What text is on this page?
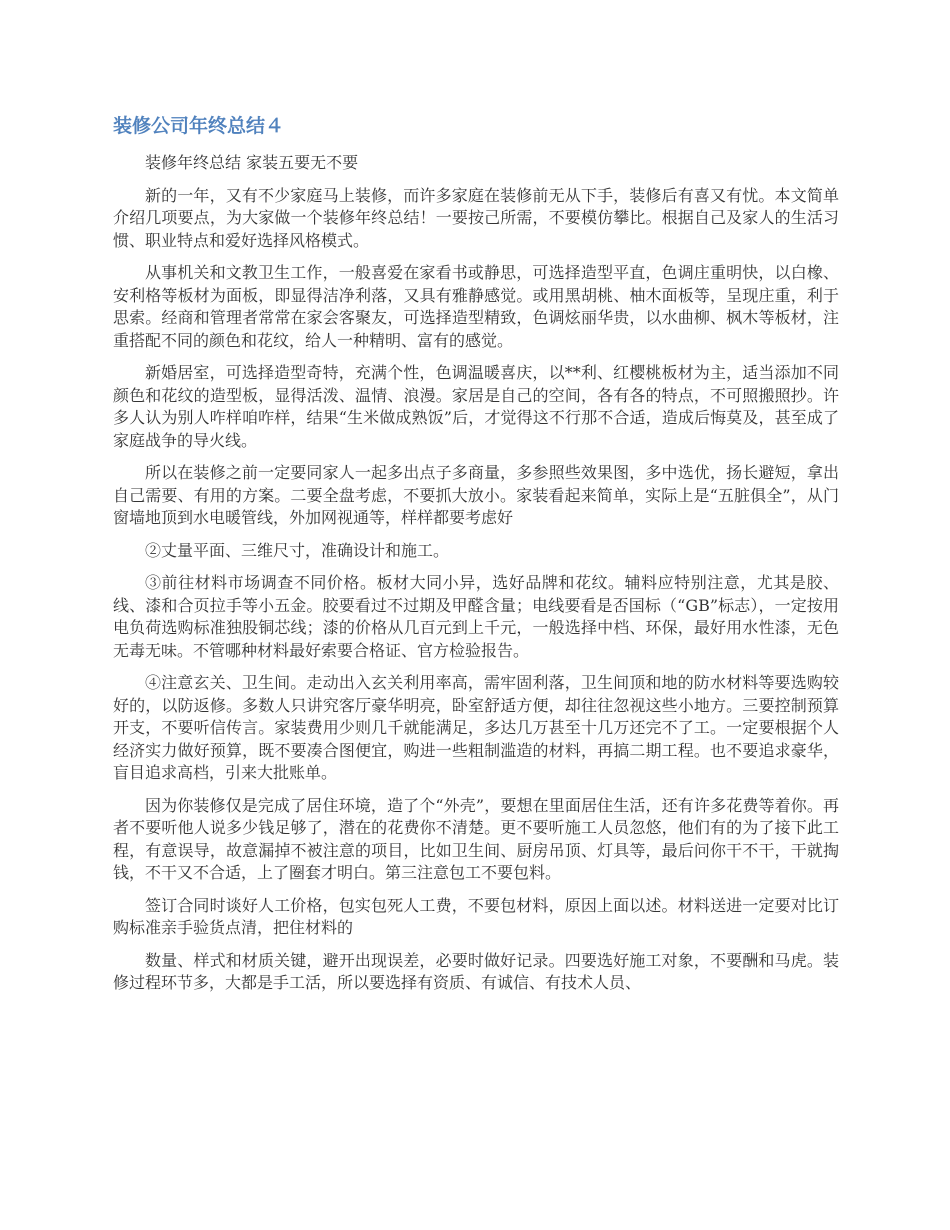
装修公司年终总结４

装修年终总结 家装五要无不要

新的一年，又有不少家庭马上装修，而许多家庭在装修前无从下手，装修后有喜又有忧。本文简单介绍几项要点，为大家做一个装修年终总结！一要按己所需，不要模仿攀比。根据自己及家人的生活习惯、职业特点和爱好选择风格模式。

从事机关和文教卫生工作，一般喜爱在家看书或静思，可选择造型平直，色调庄重明快，以白橡、安利格等板材为面板，即显得洁净利落，又具有雅静感觉。或用黑胡桃、柚木面板等，呈现庄重，利于思索。经商和管理者常常在家会客聚友，可选择造型精致，色调炫丽华贵，以水曲柳、枫木等板材，注重搭配不同的颜色和花纹，给人一种精明、富有的感觉。

新婚居室，可选择造型奇特，充满个性，色调温暖喜庆，以**利、红樱桃板材为主，适当添加不同颜色和花纹的造型板，显得活泼、温情、浪漫。家居是自己的空间，各有各的特点，不可照搬照抄。许多人认为别人咋样咱咋样，结果“生米做成熟饭”后，才觉得这不行那不合适，造成后悔莫及，甚至成了家庭战争的导火线。

所以在装修之前一定要同家人一起多出点子多商量，多参照些效果图，多中选优，扬长避短，拿出自己需要、有用的方案。二要全盘考虑，不要抓大放小。家装看起来简单，实际上是“五脏俱全”，从门窗墙地顶到水电暖管线，外加网视通等，样样都要考虑好

②丈量平面、三维尺寸，准确设计和施工。

③前往材料市场调查不同价格。板材大同小异，选好品牌和花纹。辅料应特别注意，尤其是胶、线、漆和合页拉手等小五金。胶要看过不过期及甲醛含量；电线要看是否国标（“GB”标志），一定按用电负荷选购标准独股铜芯线；漆的价格从几百元到上千元，一般选择中档、环保，最好用水性漆，无色无毒无味。不管哪种材料最好索要合格证、官方检验报告。

④注意玄关、卫生间。走动出入玄关利用率高，需牢固利落，卫生间顶和地的防水材料等要选购较好的，以防返修。多数人只讲究客厅豪华明亮，卧室舒适方便，却往往忽视这些小地方。三要控制预算开支，不要听信传言。家装费用少则几千就能满足，多达几万甚至十几万还完不了工。一定要根据个人经济实力做好预算，既不要凑合图便宜，购进一些粗制滥造的材料，再搞二期工程。也不要追求豪华，盲目追求高档，引来大批账单。

因为你装修仅是完成了居住环境，造了个“外壳”，要想在里面居住生活，还有许多花费等着你。再者不要听他人说多少钱足够了，潜在的花费你不清楚。更不要听施工人员忽悠，他们有的为了接下此工程，有意误导，故意漏掉不被注意的项目，比如卫生间、厨房吊顶、灯具等，最后问你干不干，干就掏钱，不干又不合适，上了圈套才明白。第三注意包工不要包料。

签订合同时谈好人工价格，包实包死人工费，不要包材料，原因上面以述。材料送进一定要对比订购标准亲手验货点清，把住材料的

数量、样式和材质关键，避开出现误差，必要时做好记录。四要选好施工对象，不要酬和马虎。装修过程环节多，大都是手工活，所以要选择有资质、有诚信、有技术人员、
